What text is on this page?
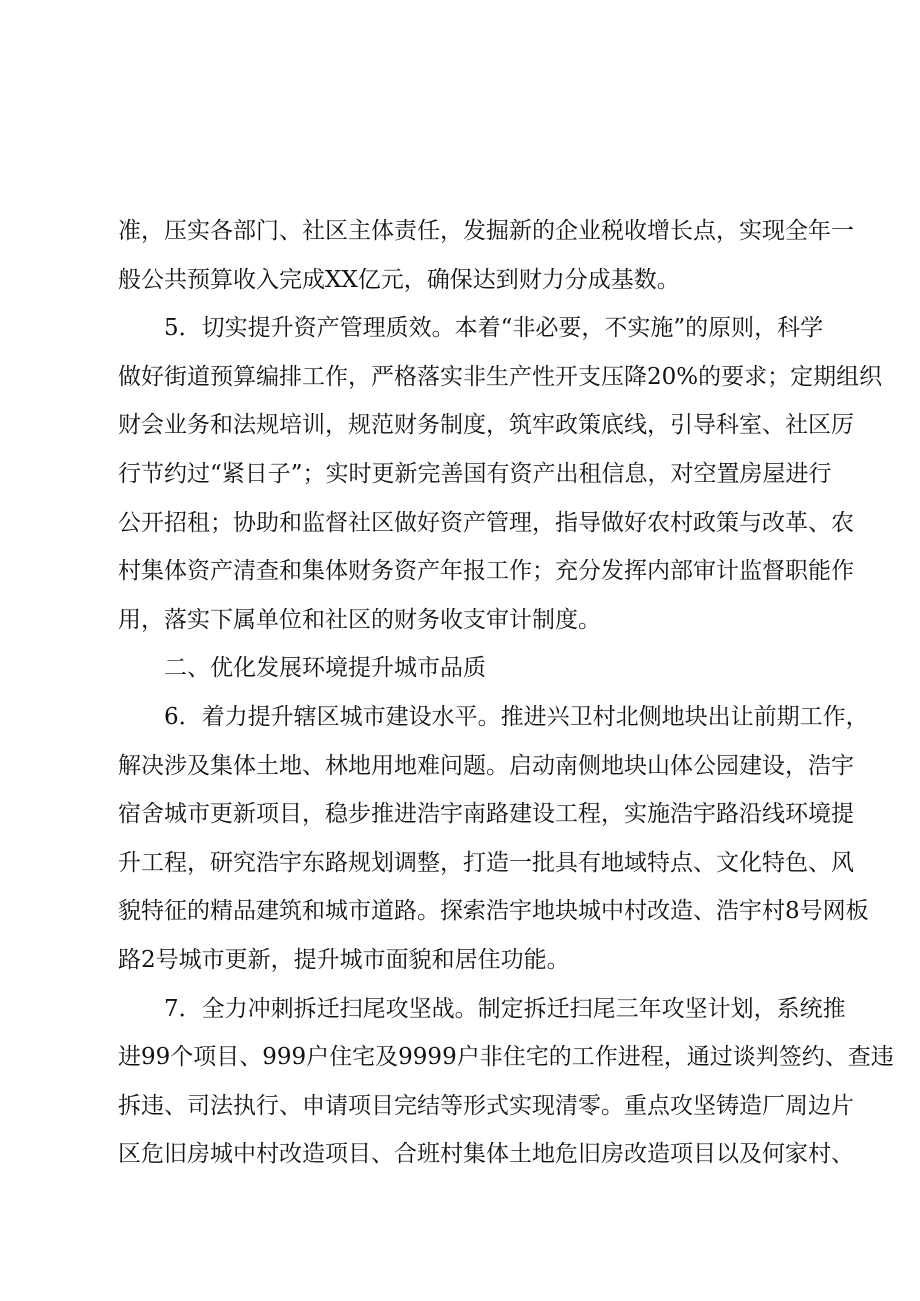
准，压实各部门、社区主体责任，发掘新的企业税收增长点，实现全年一
般公共预算收入完成XX亿元，确保达到财力分成基数。
5．切实提升资产管理质效。本着“非必要，不实施”的原则，科学
做好街道预算编排工作，严格落实非生产性开支压降20%的要求；定期组织
财会业务和法规培训，规范财务制度，筑牢政策底线，引导科室、社区厉
行节约过“紧日子”；实时更新完善国有资产出租信息，对空置房屋进行
公开招租；协助和监督社区做好资产管理，指导做好农村政策与改革、农
村集体资产清查和集体财务资产年报工作；充分发挥内部审计监督职能作
用，落实下属单位和社区的财务收支审计制度。
二、优化发展环境提升城市品质
6．着力提升辖区城市建设水平。推进兴卫村北侧地块出让前期工作，
解决涉及集体土地、林地用地难问题。启动南侧地块山体公园建设，浩宇
宿舍城市更新项目，稳步推进浩宇南路建设工程，实施浩宇路沿线环境提
升工程，研究浩宇东路规划调整，打造一批具有地域特点、文化特色、风
貌特征的精品建筑和城市道路。探索浩宇地块城中村改造、浩宇村8号网板
路2号城市更新，提升城市面貌和居住功能。
7．全力冲刺拆迁扫尾攻坚战。制定拆迁扫尾三年攻坚计划，系统推
进99个项目、999户住宅及9999户非住宅的工作进程，通过谈判签约、查违
拆违、司法执行、申请项目完结等形式实现清零。重点攻坚铸造厂周边片
区危旧房城中村改造项目、合班村集体土地危旧房改造项目以及何家村、
